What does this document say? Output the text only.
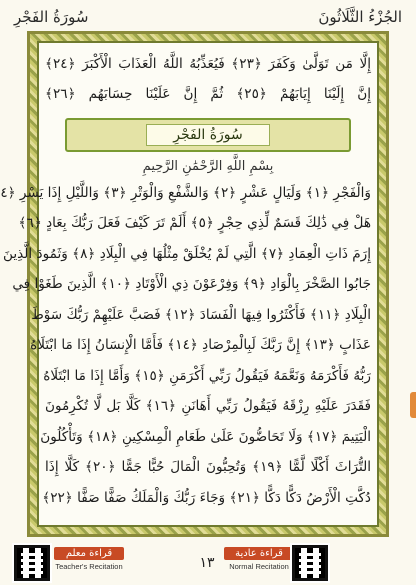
سُورَةُ الفَجْرِ	الجُزْءُ الثَّلَاثُونَ
إِلَّا مَن تَوَلَّىٰ وَكَفَرَ ﴿٢٣﴾ فَيُعَذِّبُهُ اللَّهُ الْعَذَابَ الْأَكْبَرَ ﴿٢٤﴾
إِنَّ إِلَيْنَا إِيَابَهُمْ ﴿٢٥﴾ ثُمَّ إِنَّ عَلَيْنَا حِسَابَهُم ﴿٢٦﴾
سُورَةُ الفَجْرِ
بِسْمِ اللَّهِ الرَّحْمَٰنِ الرَّحِيمِ
وَالْفَجْرِ ﴿١﴾ وَلَيَالٍ عَشْرٍ ﴿٢﴾ وَالشَّفْعِ وَالْوَتْرِ ﴿٣﴾ وَاللَّيْلِ إِذَا يَسْرِ ﴿٤
هَلْ فِي ذَٰلِكَ قَسَمٌ لِّذِي حِجْرٍ ﴿٥﴾ أَلَمْ تَرَ كَيْفَ فَعَلَ رَبُّكَ بِعَادٍ ﴿٦﴾
إِرَمَ ذَاتِ الْعِمَادِ ﴿٧﴾ الَّتِي لَمْ يُخْلَقْ مِثْلُهَا فِي الْبِلَادِ ﴿٨﴾ وَثَمُودَ الَّذِينَ
جَابُوا الصَّخْرَ بِالْوَادِ ﴿٩﴾ وَفِرْعَوْنَ ذِي الْأَوْتَادِ ﴿١٠﴾ الَّذِينَ طَغَوْا فِي
الْبِلَادِ ﴿١١﴾ فَأَكْثَرُوا فِيهَا الْفَسَادَ ﴿١٢﴾ فَصَبَّ عَلَيْهِمْ رَبُّكَ سَوْطَ
عَذَابٍ ﴿١٣﴾ إِنَّ رَبَّكَ لَبِالْمِرْصَادِ ﴿١٤﴾ فَأَمَّا الْإِنسَانُ إِذَا مَا ابْتَلَاهُ
رَبُّهُ فَأَكْرَمَهُ وَنَعَّمَهُ فَيَقُولُ رَبِّي أَكْرَمَنِ ﴿١٥﴾ وَأَمَّا إِذَا مَا ابْتَلَاهُ
فَقَدَرَ عَلَيْهِ رِزْقَهُ فَيَقُولُ رَبِّي أَهَانَنِ ﴿١٦﴾ كَلَّا بَل لَّا تُكْرِمُونَ
الْيَتِيمَ ﴿١٧﴾ وَلَا تَحَاضُّونَ عَلَىٰ طَعَامِ الْمِسْكِينِ ﴿١٨﴾ وَتَأْكُلُونَ
التُّرَاثَ أَكْلًا لَّمًّا ﴿١٩﴾ وَتُحِبُّونَ الْمَالَ حُبًّا جَمًّا ﴿٢٠﴾ كَلَّا إِذَا
دُكَّتِ الْأَرْضُ دَكًّا دَكًّا ﴿٢١﴾ وَجَاءَ رَبُّكَ وَالْمَلَكُ صَفًّا صَفًّا ﴿٢٢﴾
قراءة معلم
Teacher's Recitation	١٣
قراءة عادية
Normal Recitation
